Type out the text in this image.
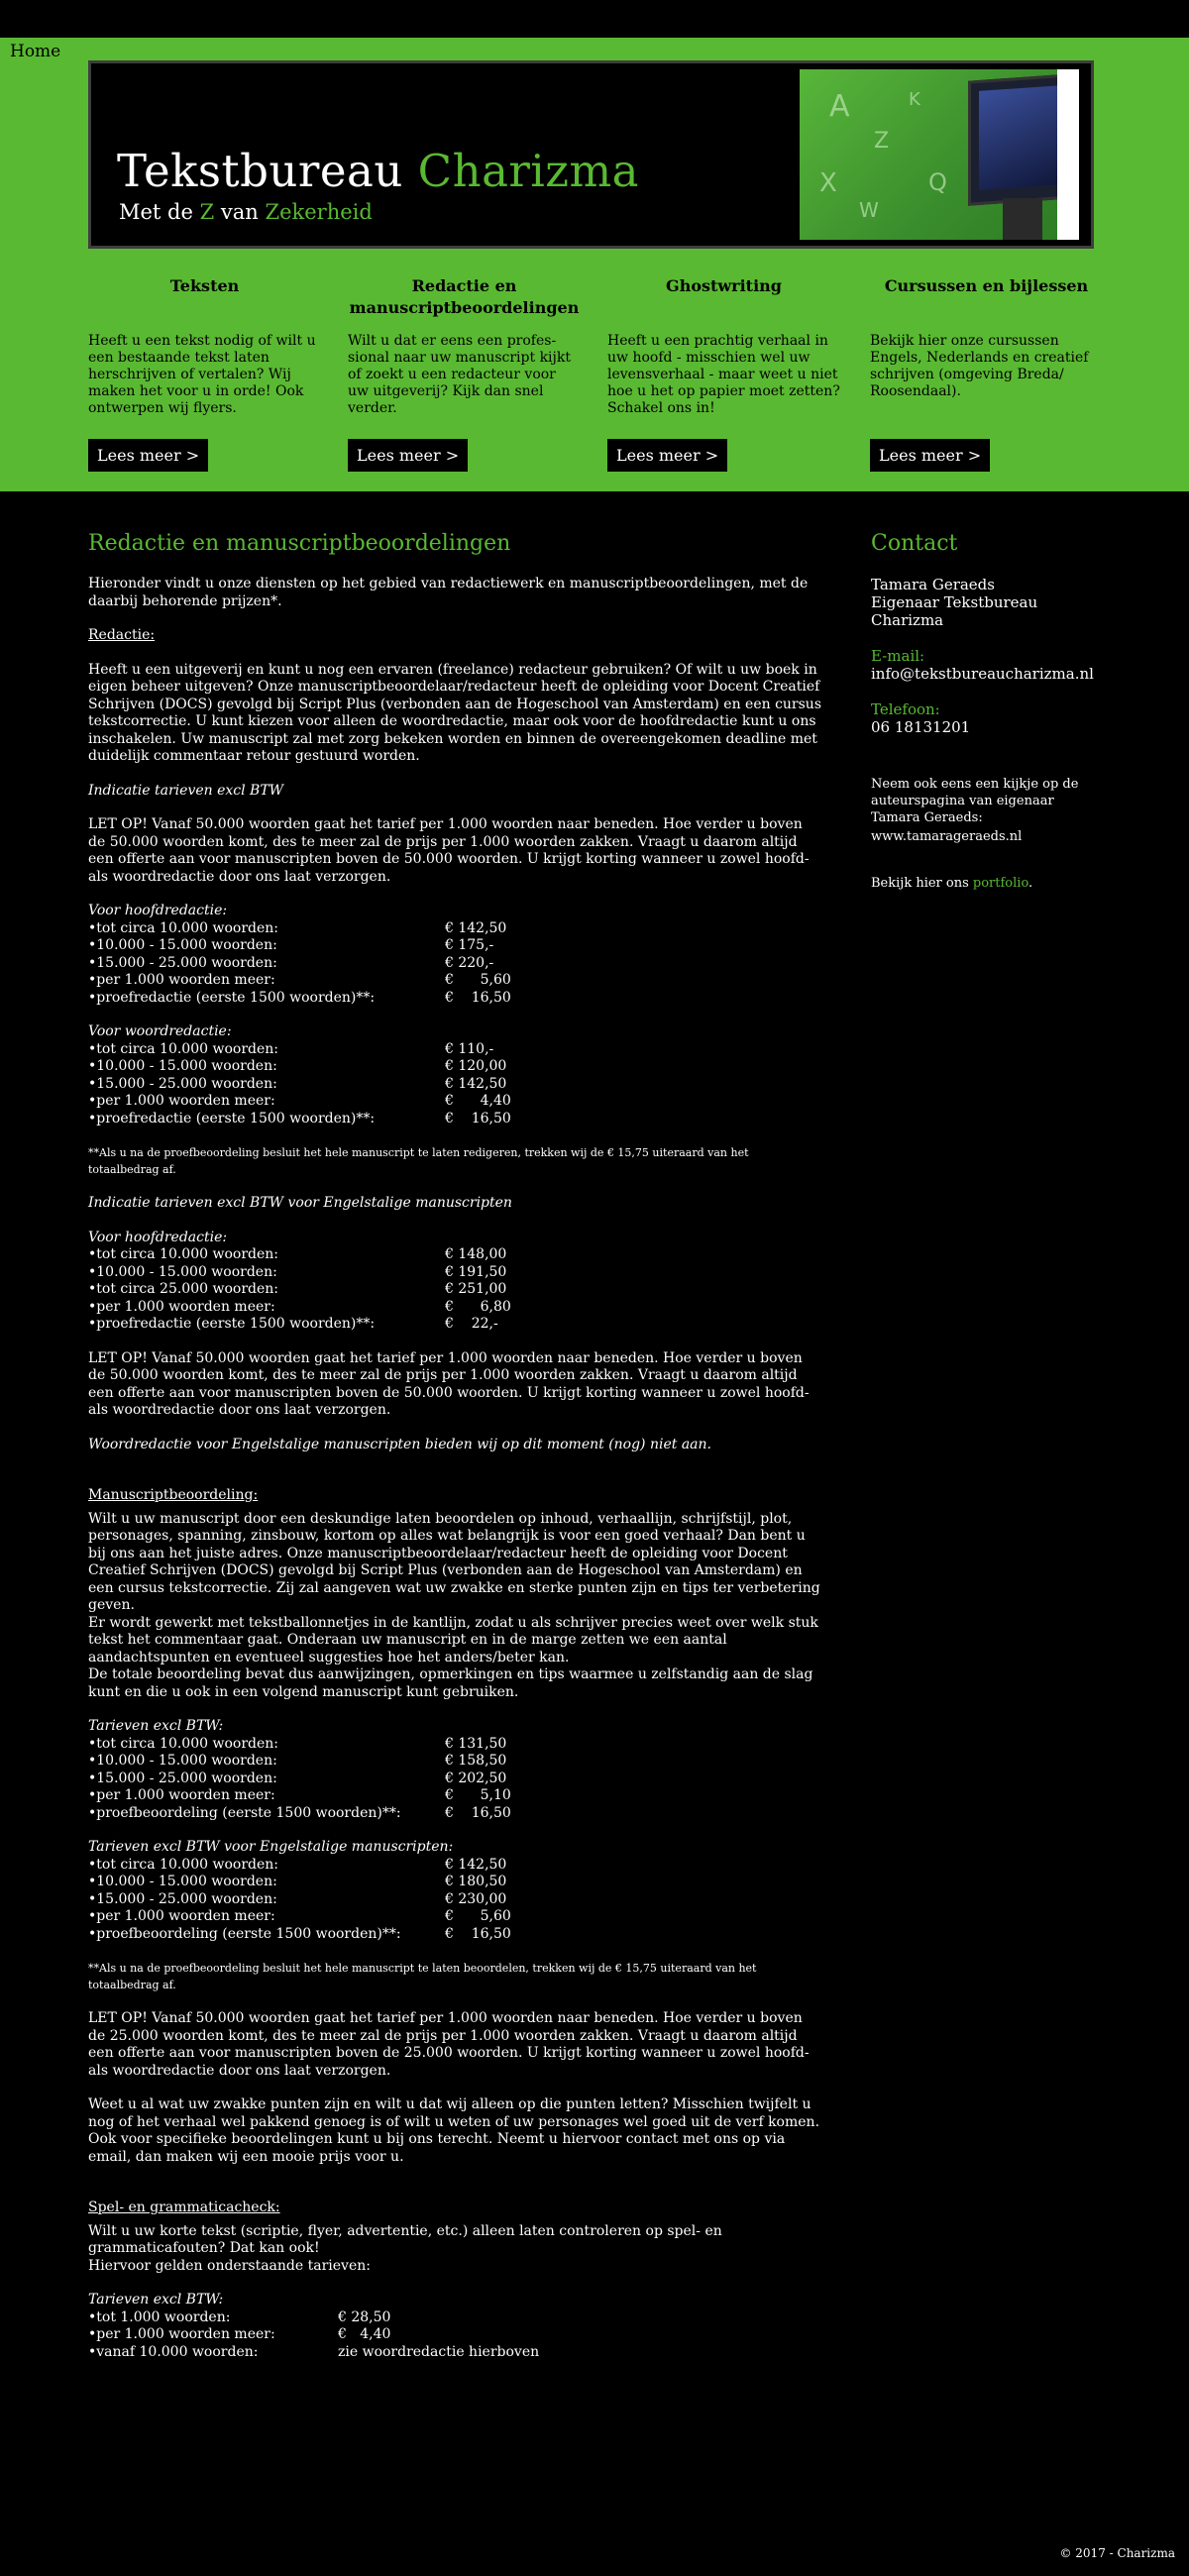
Home
Tekstbureau Charizma
Met de Z van Zekerheid
A
Z
X
K
W
Q
Teksten

Heeft u een tekst nodig of wilt u een bestaande tekst laten herschrijven of vertalen? Wij maken het voor u in orde! Ook ontwerpen wij flyers.

Lees meer >
Redactie en manuscriptbeoordelingen

Wilt u dat er eens een profes-sional naar uw manuscript kijkt of zoekt u een redacteur voor uw uitgeverij? Kijk dan snel verder.

Lees meer >
Ghostwriting

Heeft u een prachtig verhaal in uw hoofd - misschien wel uw levensverhaal - maar weet u niet hoe u het op papier moet zetten? Schakel ons in!

Lees meer >
Cursussen en bijlessen

Bekijk hier onze cursussen Engels, Nederlands en creatief schrijven (omgeving Breda/ Roosendaal).

Lees meer >
Redactie en manuscriptbeoordelingen

Hieronder vindt u onze diensten op het gebied van redactiewerk en manuscriptbeoordelingen, met de daarbij behorende prijzen*.

Redactie:

Heeft u een uitgeverij en kunt u nog een ervaren (freelance) redacteur gebruiken? Of wilt u uw boek in eigen beheer uitgeven? Onze manuscriptbeoordelaar/redacteur heeft de opleiding voor Docent Creatief Schrijven (DOCS) gevolgd bij Script Plus (verbonden aan de Hogeschool van Amsterdam) en een cursus tekstcorrectie. U kunt kiezen voor alleen de woordredactie, maar ook voor de hoofdredactie kunt u ons inschakelen. Uw manuscript zal met zorg bekeken worden en binnen de overeengekomen deadline met duidelijk commentaar retour gestuurd worden.

Indicatie tarieven excl BTW

LET OP! Vanaf 50.000 woorden gaat het tarief per 1.000 woorden naar beneden. Hoe verder u boven de 50.000 woorden komt, des te meer zal de prijs per 1.000 woorden zakken. Vraagt u daarom altijd een offerte aan voor manuscripten boven de 50.000 woorden. U krijgt korting wanneer u zowel hoofd- als woordredactie door ons laat verzorgen.

Voor hoofdredactie:

•tot circa 10.000 woorden:	€ 142,50
•10.000 - 15.000 woorden:	€ 175,-
•15.000 - 25.000 woorden:	€ 220,-
•per 1.000 woorden meer:	€      5,60
•proefredactie (eerste 1500 woorden)**:	€    16,50

Voor woordredactie:

•tot circa 10.000 woorden:	€ 110,-
•10.000 - 15.000 woorden:	€ 120,00
•15.000 - 25.000 woorden:	€ 142,50
•per 1.000 woorden meer:	€      4,40
•proefredactie (eerste 1500 woorden)**:	€    16,50

**Als u na de proefbeoordeling besluit het hele manuscript te laten redigeren, trekken wij de € 15,75 uiteraard van het totaalbedrag af.

Indicatie tarieven excl BTW voor Engelstalige manuscripten

Voor hoofdredactie:

•tot circa 10.000 woorden:	€ 148,00
•10.000 - 15.000 woorden:	€ 191,50
•tot circa 25.000 woorden:	€ 251,00
•per 1.000 woorden meer:	€      6,80
•proefredactie (eerste 1500 woorden)**:	€    22,-

LET OP! Vanaf 50.000 woorden gaat het tarief per 1.000 woorden naar beneden. Hoe verder u boven de 50.000 woorden komt, des te meer zal de prijs per 1.000 woorden zakken. Vraagt u daarom altijd een offerte aan voor manuscripten boven de 50.000 woorden. U krijgt korting wanneer u zowel hoofd- als woordredactie door ons laat verzorgen.

Woordredactie voor Engelstalige manuscripten bieden wij op dit moment (nog) niet aan.

Manuscriptbeoordeling:

Wilt u uw manuscript door een deskundige laten beoordelen op inhoud, verhaallijn, schrijfstijl, plot, personages, spanning, zinsbouw, kortom op alles wat belangrijk is voor een goed verhaal? Dan bent u bij ons aan het juiste adres. Onze manuscriptbeoordelaar/redacteur heeft de opleiding voor Docent Creatief Schrijven (DOCS) gevolgd bij Script Plus (verbonden aan de Hogeschool van Amsterdam) en een cursus tekstcorrectie. Zij zal aangeven wat uw zwakke en sterke punten zijn en tips ter verbetering geven.

Er wordt gewerkt met tekstballonnetjes in de kantlijn, zodat u als schrijver precies weet over welk stuk tekst het commentaar gaat. Onderaan uw manuscript en in de marge zetten we een aantal aandachtspunten en eventueel suggesties hoe het anders/beter kan.

De totale beoordeling bevat dus aanwijzingen, opmerkingen en tips waarmee u zelfstandig aan de slag kunt en die u ook in een volgend manuscript kunt gebruiken.

Tarieven excl BTW:

•tot circa 10.000 woorden:	€ 131,50
•10.000 - 15.000 woorden:	€ 158,50
•15.000 - 25.000 woorden:	€ 202,50
•per 1.000 woorden meer:	€      5,10
•proefbeoordeling (eerste 1500 woorden)**:	€    16,50

Tarieven excl BTW voor Engelstalige manuscripten:

•tot circa 10.000 woorden:	€ 142,50
•10.000 - 15.000 woorden:	€ 180,50
•15.000 - 25.000 woorden:	€ 230,00
•per 1.000 woorden meer:	€      5,60
•proefbeoordeling (eerste 1500 woorden)**:	€    16,50

**Als u na de proefbeoordeling besluit het hele manuscript te laten beoordelen, trekken wij de € 15,75 uiteraard van het totaalbedrag af.

LET OP! Vanaf 50.000 woorden gaat het tarief per 1.000 woorden naar beneden. Hoe verder u boven de 25.000 woorden komt, des te meer zal de prijs per 1.000 woorden zakken. Vraagt u daarom altijd een offerte aan voor manuscripten boven de 25.000 woorden. U krijgt korting wanneer u zowel hoofd- als woordredactie door ons laat verzorgen.

Weet u al wat uw zwakke punten zijn en wilt u dat wij alleen op die punten letten? Misschien twijfelt u nog of het verhaal wel pakkend genoeg is of wilt u weten of uw personages wel goed uit de verf komen. Ook voor specifieke beoordelingen kunt u bij ons terecht. Neemt u hiervoor contact met ons op via email, dan maken wij een mooie prijs voor u.

Spel- en grammaticacheck:

Wilt u uw korte tekst (scriptie, flyer, advertentie, etc.) alleen laten controleren op spel- en grammaticafouten? Dat kan ook!

Hiervoor gelden onderstaande tarieven:

Tarieven excl BTW:

•tot 1.000 woorden:	€ 28,50
•per 1.000 woorden meer:	€   4,40
•vanaf 10.000 woorden:	zie woordredactie hierboven
Contact
Tamara Geraeds
Eigenaar Tekstbureau
Charizma
E-mail:
info@tekstbureaucharizma.nl
Telefoon:
06 18131201
Neem ook eens een kijkje op de auteurspagina van eigenaar Tamara Geraeds:
www.tamarageraeds.nl
Bekijk hier ons portfolio.
© 2017 - Charizma
